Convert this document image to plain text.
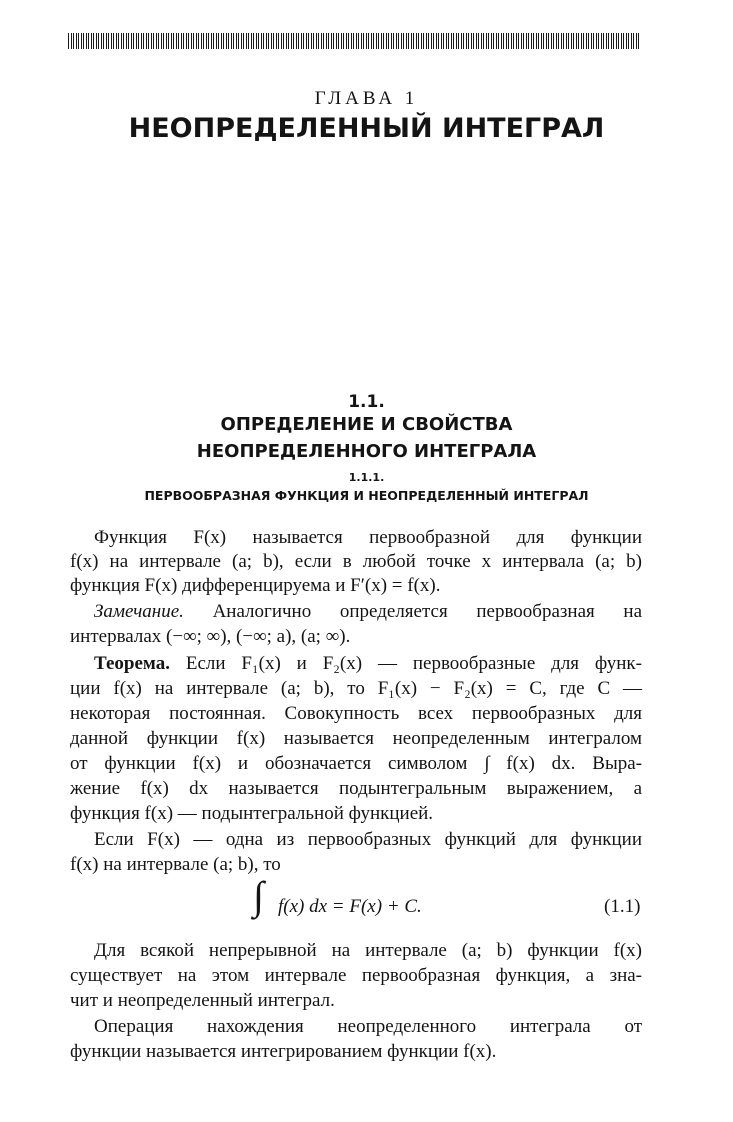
ГЛАВА 1
НЕОПРЕДЕЛЕННЫЙ ИНТЕГРАЛ
1.1.
ОПРЕДЕЛЕНИЕ И СВОЙСТВА
НЕОПРЕДЕЛЕННОГО ИНТЕГРАЛА
1.1.1.
ПЕРВООБРАЗНАЯ ФУНКЦИЯ И НЕОПРЕДЕЛЕННЫЙ ИНТЕГРАЛ
Функция F(x) называется первообразной для функции
f(x) на интервале (a; b), если в любой точке x интервала (a; b)
функция F(x) дифференцируема и F′(x) = f(x).
Замечание. Аналогично определяется первообразная на
интервалах (−∞; ∞), (−∞; a), (a; ∞).
Теорема. Если F₁(x) и F₂(x) — первообразные для функ-
ции f(x) на интервале (a; b), то F₁(x) − F₂(x) = C, где C —
некоторая постоянная. Совокупность всех первообразных для
данной функции f(x) называется неопределенным интегралом
от функции f(x) и обозначается символом ∫ f(x) dx. Выра-
жение f(x) dx называется подынтегральным выражением, а
функция f(x) — подынтегральной функцией.
Если F(x) — одна из первообразных функций для функции
f(x) на интервале (a; b), то
∫ f(x) dx = F(x) + C.	(1.1)
Для всякой непрерывной на интервале (a; b) функции f(x)
существует на этом интервале первообразная функция, а зна-
чит и неопределенный интеграл.
Операция нахождения неопределенного интеграла от
функции называется интегрированием функции f(x).
